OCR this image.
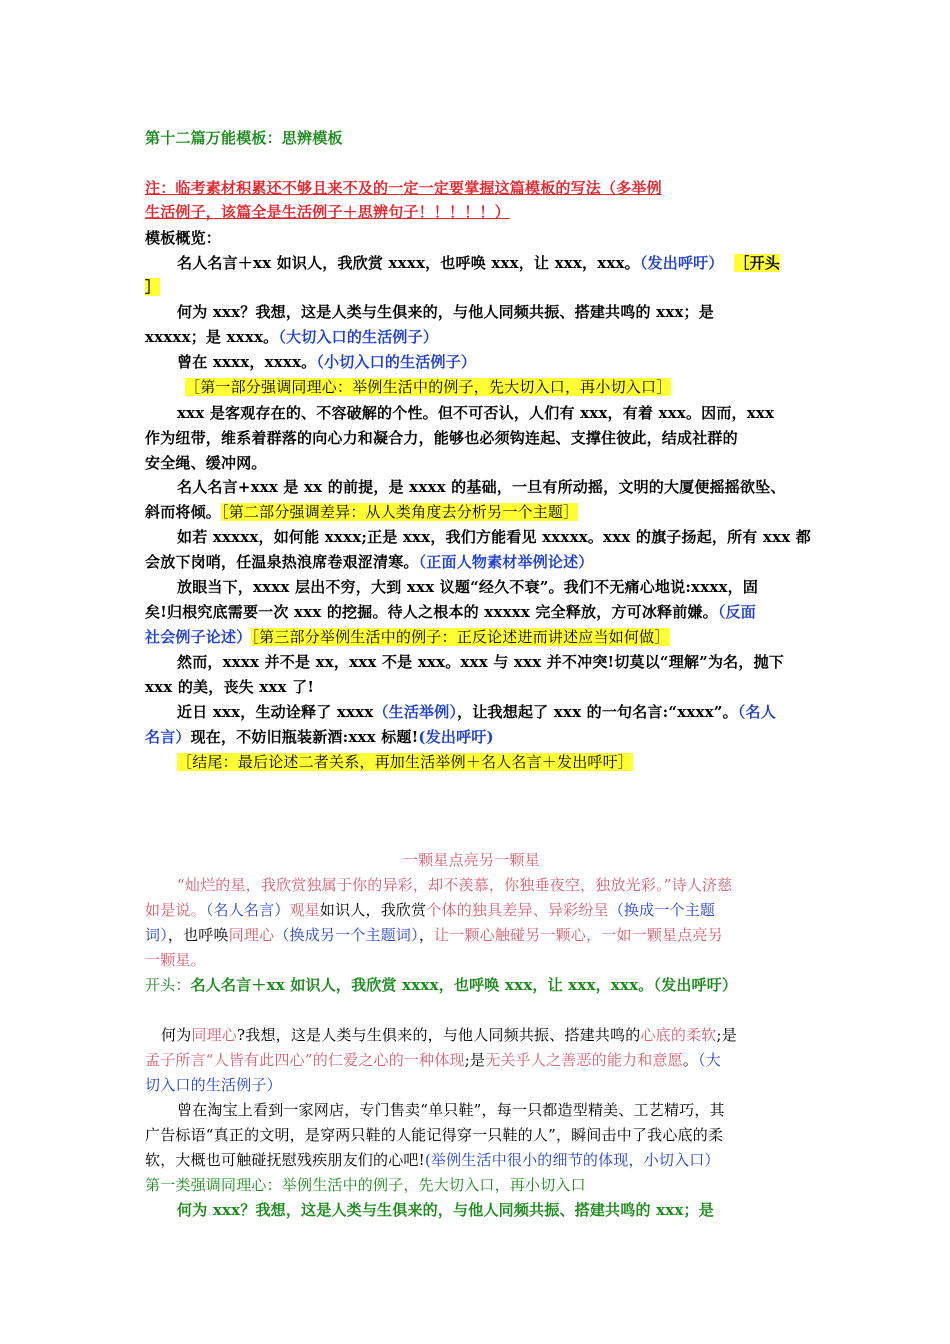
第十二篇万能模板：思辨模板
注：临考素材积累还不够且来不及的一定一定要掌握这篇模板的写法（多举例
生活例子，该篇全是生活例子＋思辨句子！！！！！）
模板概览：
名人名言＋xx 如识人，我欣赏 xxxx，也呼唤 xxx，让 xxx，xxx。（发出呼吁） ［开头
］
何为 xxx？我想，这是人类与生俱来的，与他人同频共振、搭建共鸣的 xxx；是
xxxxx；是 xxxx。（大切入口的生活例子）
曾在 xxxx，xxxx。（小切入口的生活例子）
［第一部分强调同理心：举例生活中的例子，先大切入口，再小切入口］
xxx 是客观存在的、不容破解的个性。但不可否认，人们有 xxx，有着 xxx。因而，xxx
作为纽带，维系着群落的向心力和凝合力，能够也必须钩连起、支撑住彼此，结成社群的
安全绳、缓冲网。
名人名言+xxx 是 xx 的前提，是 xxxx 的基础，一旦有所动摇，文明的大厦便摇摇欲坠、
斜而将倾。［第二部分强调差异：从人类角度去分析另一个主题］
如若 xxxxx，如何能 xxxx;正是 xxx，我们方能看见 xxxxx。xxx 的旗子扬起，所有 xxx 都
会放下岗哨，任温泉热浪席卷艰涩清寒。（正面人物素材举例论述）
放眼当下，xxxx 层出不穷，大到 xxx 议题“经久不衰”。我们不无痛心地说:xxxx，固
矣!归根究底需要一次 xxx 的挖掘。待人之根本的 xxxxx 完全释放，方可冰释前嫌。（反面
社会例子论述）［第三部分举例生活中的例子：正反论述进而讲述应当如何做］
然而，xxxx 并不是 xx，xxx 不是 xxx。xxx 与 xxx 并不冲突!切莫以“理解”为名，抛下
xxx 的美，丧失 xxx 了!
近日 xxx，生动诠释了 xxxx（生活举例），让我想起了 xxx 的一句名言:“xxxx”。（名人
名言）现在，不妨旧瓶装新酒:xxx 标题!(发出呼吁)
［结尾：最后论述二者关系，再加生活举例＋名人名言＋发出呼吁］
一颗星点亮另一颗星
“灿烂的星，我欣赏独属于你的异彩，却不羡慕，你独垂夜空，独放光彩。”诗人济慈
如是说。（名人名言）观星如识人，我欣赏个体的独具差异、异彩纷呈（换成一个主题
词），也呼唤同理心（换成另一个主题词），让一颗心触碰另一颗心，一如一颗星点亮另
一颗星。
开头：名人名言＋xx 如识人，我欣赏 xxxx，也呼唤 xxx，让 xxx，xxx。（发出呼吁）
何为同理心?我想，这是人类与生俱来的，与他人同频共振、搭建共鸣的心底的柔软;是
孟子所言“人皆有此四心”的仁爱之心的一种体现;是无关乎人之善恶的能力和意愿。（大
切入口的生活例子）
曾在淘宝上看到一家网店，专门售卖“单只鞋”，每一只都造型精美、工艺精巧，其
广告标语“真正的文明，是穿两只鞋的人能记得穿一只鞋的人”，瞬间击中了我心底的柔
软，大概也可触碰抚慰残疾朋友们的心吧!(举例生活中很小的细节的体现，小切入口）
第一类强调同理心：举例生活中的例子，先大切入口，再小切入口
何为 xxx？我想，这是人类与生俱来的，与他人同频共振、搭建共鸣的 xxx；是
